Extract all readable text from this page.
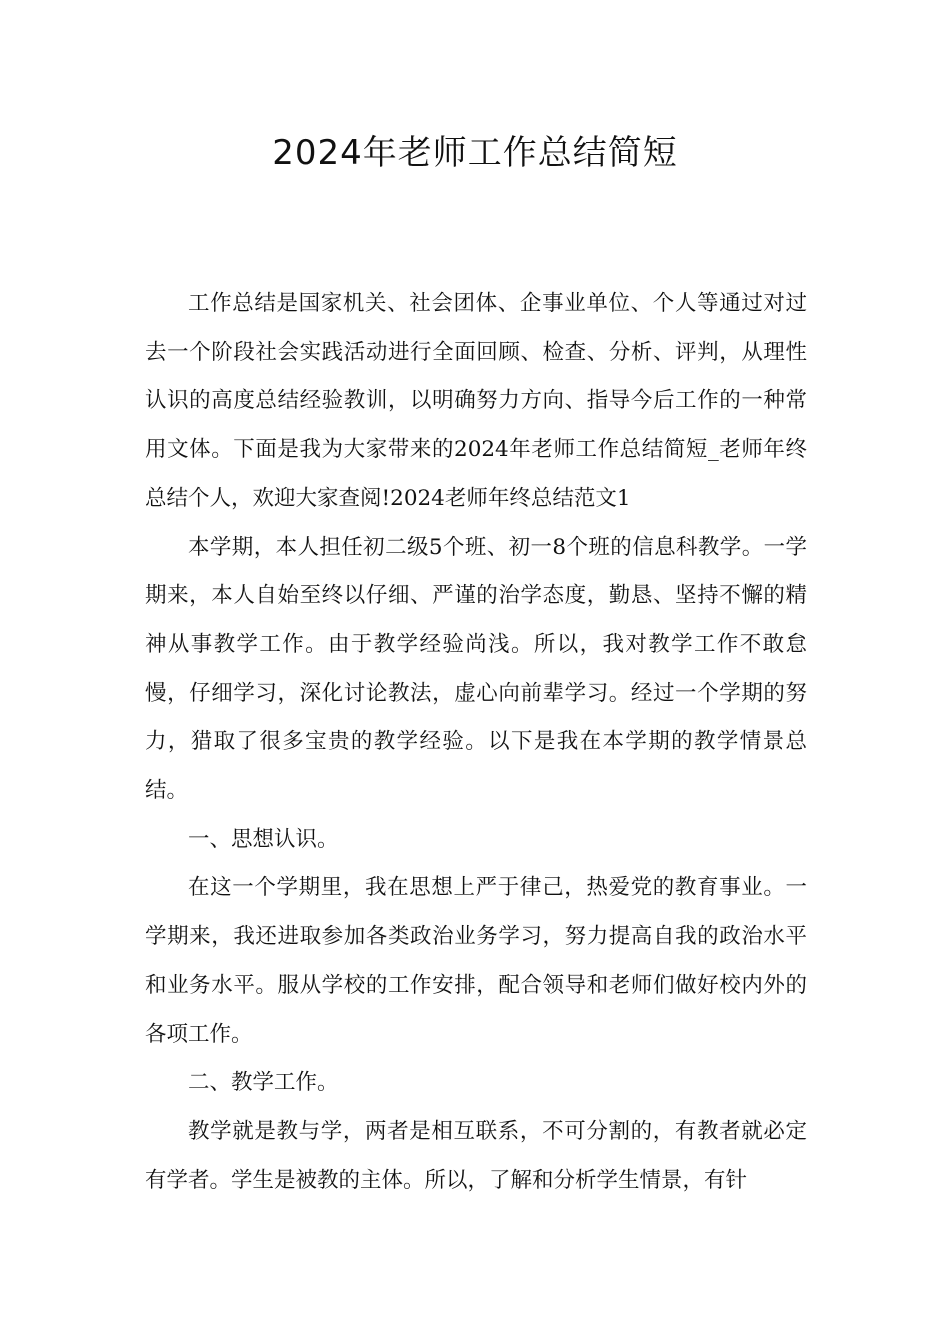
2024年老师工作总结简短

工作总结是国家机关、社会团体、企事业单位、个人等通过对过去一个阶段社会实践活动进行全面回顾、检查、分析、评判，从理性认识的高度总结经验教训，以明确努力方向、指导今后工作的一种常用文体。下面是我为大家带来的2024年老师工作总结简短_老师年终总结个人，欢迎大家查阅!2024老师年终总结范文1

本学期，本人担任初二级5个班、初一8个班的信息科教学。一学期来，本人自始至终以仔细、严谨的治学态度，勤恳、坚持不懈的精神从事教学工作。由于教学经验尚浅。所以，我对教学工作不敢怠慢，仔细学习，深化讨论教法，虚心向前辈学习。经过一个学期的努力，猎取了很多宝贵的教学经验。以下是我在本学期的教学情景总结。

一、思想认识。

在这一个学期里，我在思想上严于律己，热爱党的教育事业。一学期来，我还进取参加各类政治业务学习，努力提高自我的政治水平和业务水平。服从学校的工作安排，配合领导和老师们做好校内外的各项工作。

二、教学工作。

教学就是教与学，两者是相互联系，不可分割的，有教者就必定有学者。学生是被教的主体。所以，了解和分析学生情景，有针
